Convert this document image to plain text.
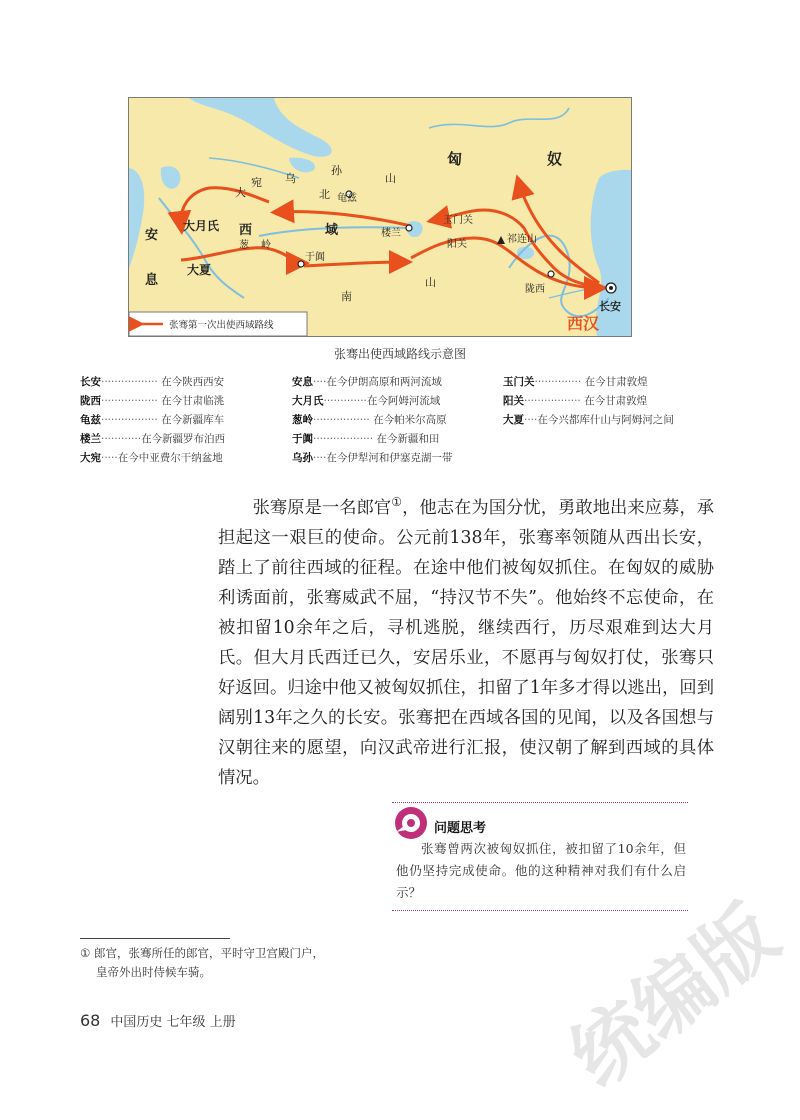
匈	奴
乌
孙
山
北 龟兹
大
宛
安
息
大月氏 西	域
葱 岭
大夏
楼兰
玉门关
阳关	祁连山
于阗
南
山
陇西
长安
西汉
张骞第一次出使西域路线
张骞出使西域路线示意图
长安················· 在今陕西西安
陇西················· 在今甘肃临洮
龟兹················· 在今新疆库车
楼兰············在今新疆罗布泊西
大宛·····在今中亚费尔干纳盆地
安息····在今伊朗高原和两河流域
大月氏·············在今阿姆河流域
葱岭················· 在今帕米尔高原
于阗·················· 在今新疆和田
乌孙····在今伊犁河和伊塞克湖一带
玉门关·············· 在今甘肃敦煌
阳关················· 在今甘肃敦煌
大夏····在今兴都库什山与阿姆河之间

张骞原是一名郎官①，他志在为国分忧，勇敢地出来应募，承担起这一艰巨的使命。公元前138年，张骞率领随从西出长安，踏上了前往西域的征程。在途中他们被匈奴抓住。在匈奴的威胁利诱面前，张骞威武不屈，“持汉节不失”。他始终不忘使命，在被扣留10余年之后，寻机逃脱，继续西行，历尽艰难到达大月氏。但大月氏西迁已久，安居乐业，不愿再与匈奴打仗，张骞只好返回。归途中他又被匈奴抓住，扣留了1年多才得以逃出，回到阔别13年之久的长安。张骞把在西域各国的见闻，以及各国想与汉朝往来的愿望，向汉武帝进行汇报，使汉朝了解到西域的具体情况。

问题思考
张骞曾两次被匈奴抓住，被扣留了10余年，但他仍坚持完成使命。他的这种精神对我们有什么启示？
① 郎官，张骞所任的郎官，平时守卫宫殿门户，
皇帝外出时侍候车骑。
68 中国历史 七年级 上册	统编版
